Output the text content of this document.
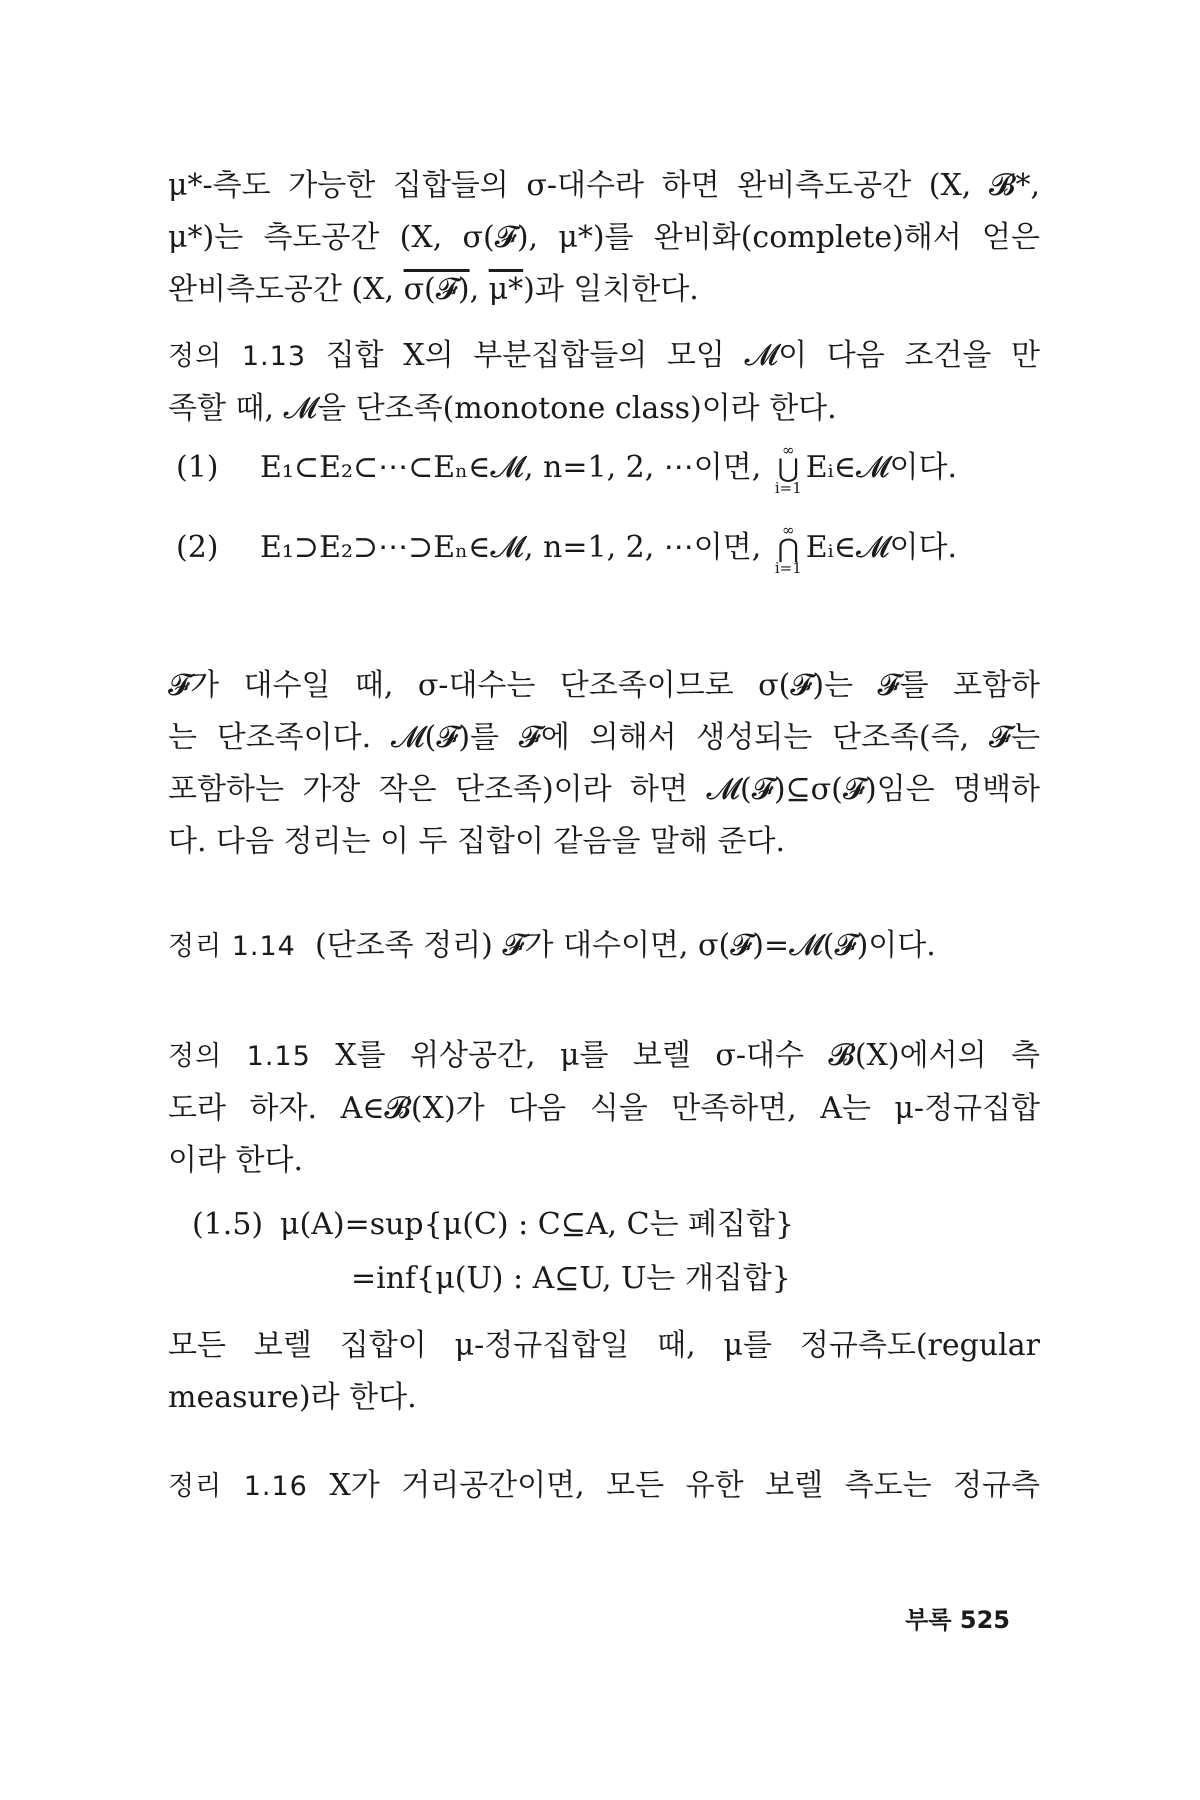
μ*-측도 가능한 집합들의 σ-대수라 하면 완비측도공간 (X, 𝓑*,
μ*)는 측도공간 (X, σ(𝓕), μ*)를 완비화(complete)해서 얻은
완비측도공간 (X, σ(𝓕), μ*)과 일치한다.
정의 1.13 집합 X의 부분집합들의 모임 𝓜이 다음 조건을 만
족할 때, 𝓜을 단조족(monotone class)이라 한다.
(1) E₁⊂E₂⊂⋯⊂Eₙ∈𝓜, n=1, 2, ⋯이면,	∞
⋃
i=1
Eᵢ∈𝓜이다.
(2) E₁⊃E₂⊃⋯⊃Eₙ∈𝓜, n=1, 2, ⋯이면,	∞
⋂
i=1
Eᵢ∈𝓜이다.
𝓕가 대수일 때, σ-대수는 단조족이므로 σ(𝓕)는 𝓕를 포함하
는 단조족이다. 𝓜(𝓕)를 𝓕에 의해서 생성되는 단조족(즉, 𝓕는
포함하는 가장 작은 단조족)이라 하면 𝓜(𝓕)⊆σ(𝓕)임은 명백하
다. 다음 정리는 이 두 집합이 같음을 말해 준다.
정리 1.14 (단조족 정리) 𝓕가 대수이면, σ(𝓕)=𝓜(𝓕)이다.
정의 1.15 X를 위상공간, μ를 보렐 σ-대수 𝓑(X)에서의 측
도라 하자. A∈𝓑(X)가 다음 식을 만족하면, A는 μ-정규집합
이라 한다.
(1.5) μ(A)=sup{μ(C) : C⊆A, C는 폐집합}
=inf{μ(U) : A⊆U, U는 개집합}
모든 보렐 집합이 μ-정규집합일 때, μ를 정규측도(regular
measure)라 한다.
정리 1.16 X가 거리공간이면, 모든 유한 보렐 측도는 정규측
부록 525
